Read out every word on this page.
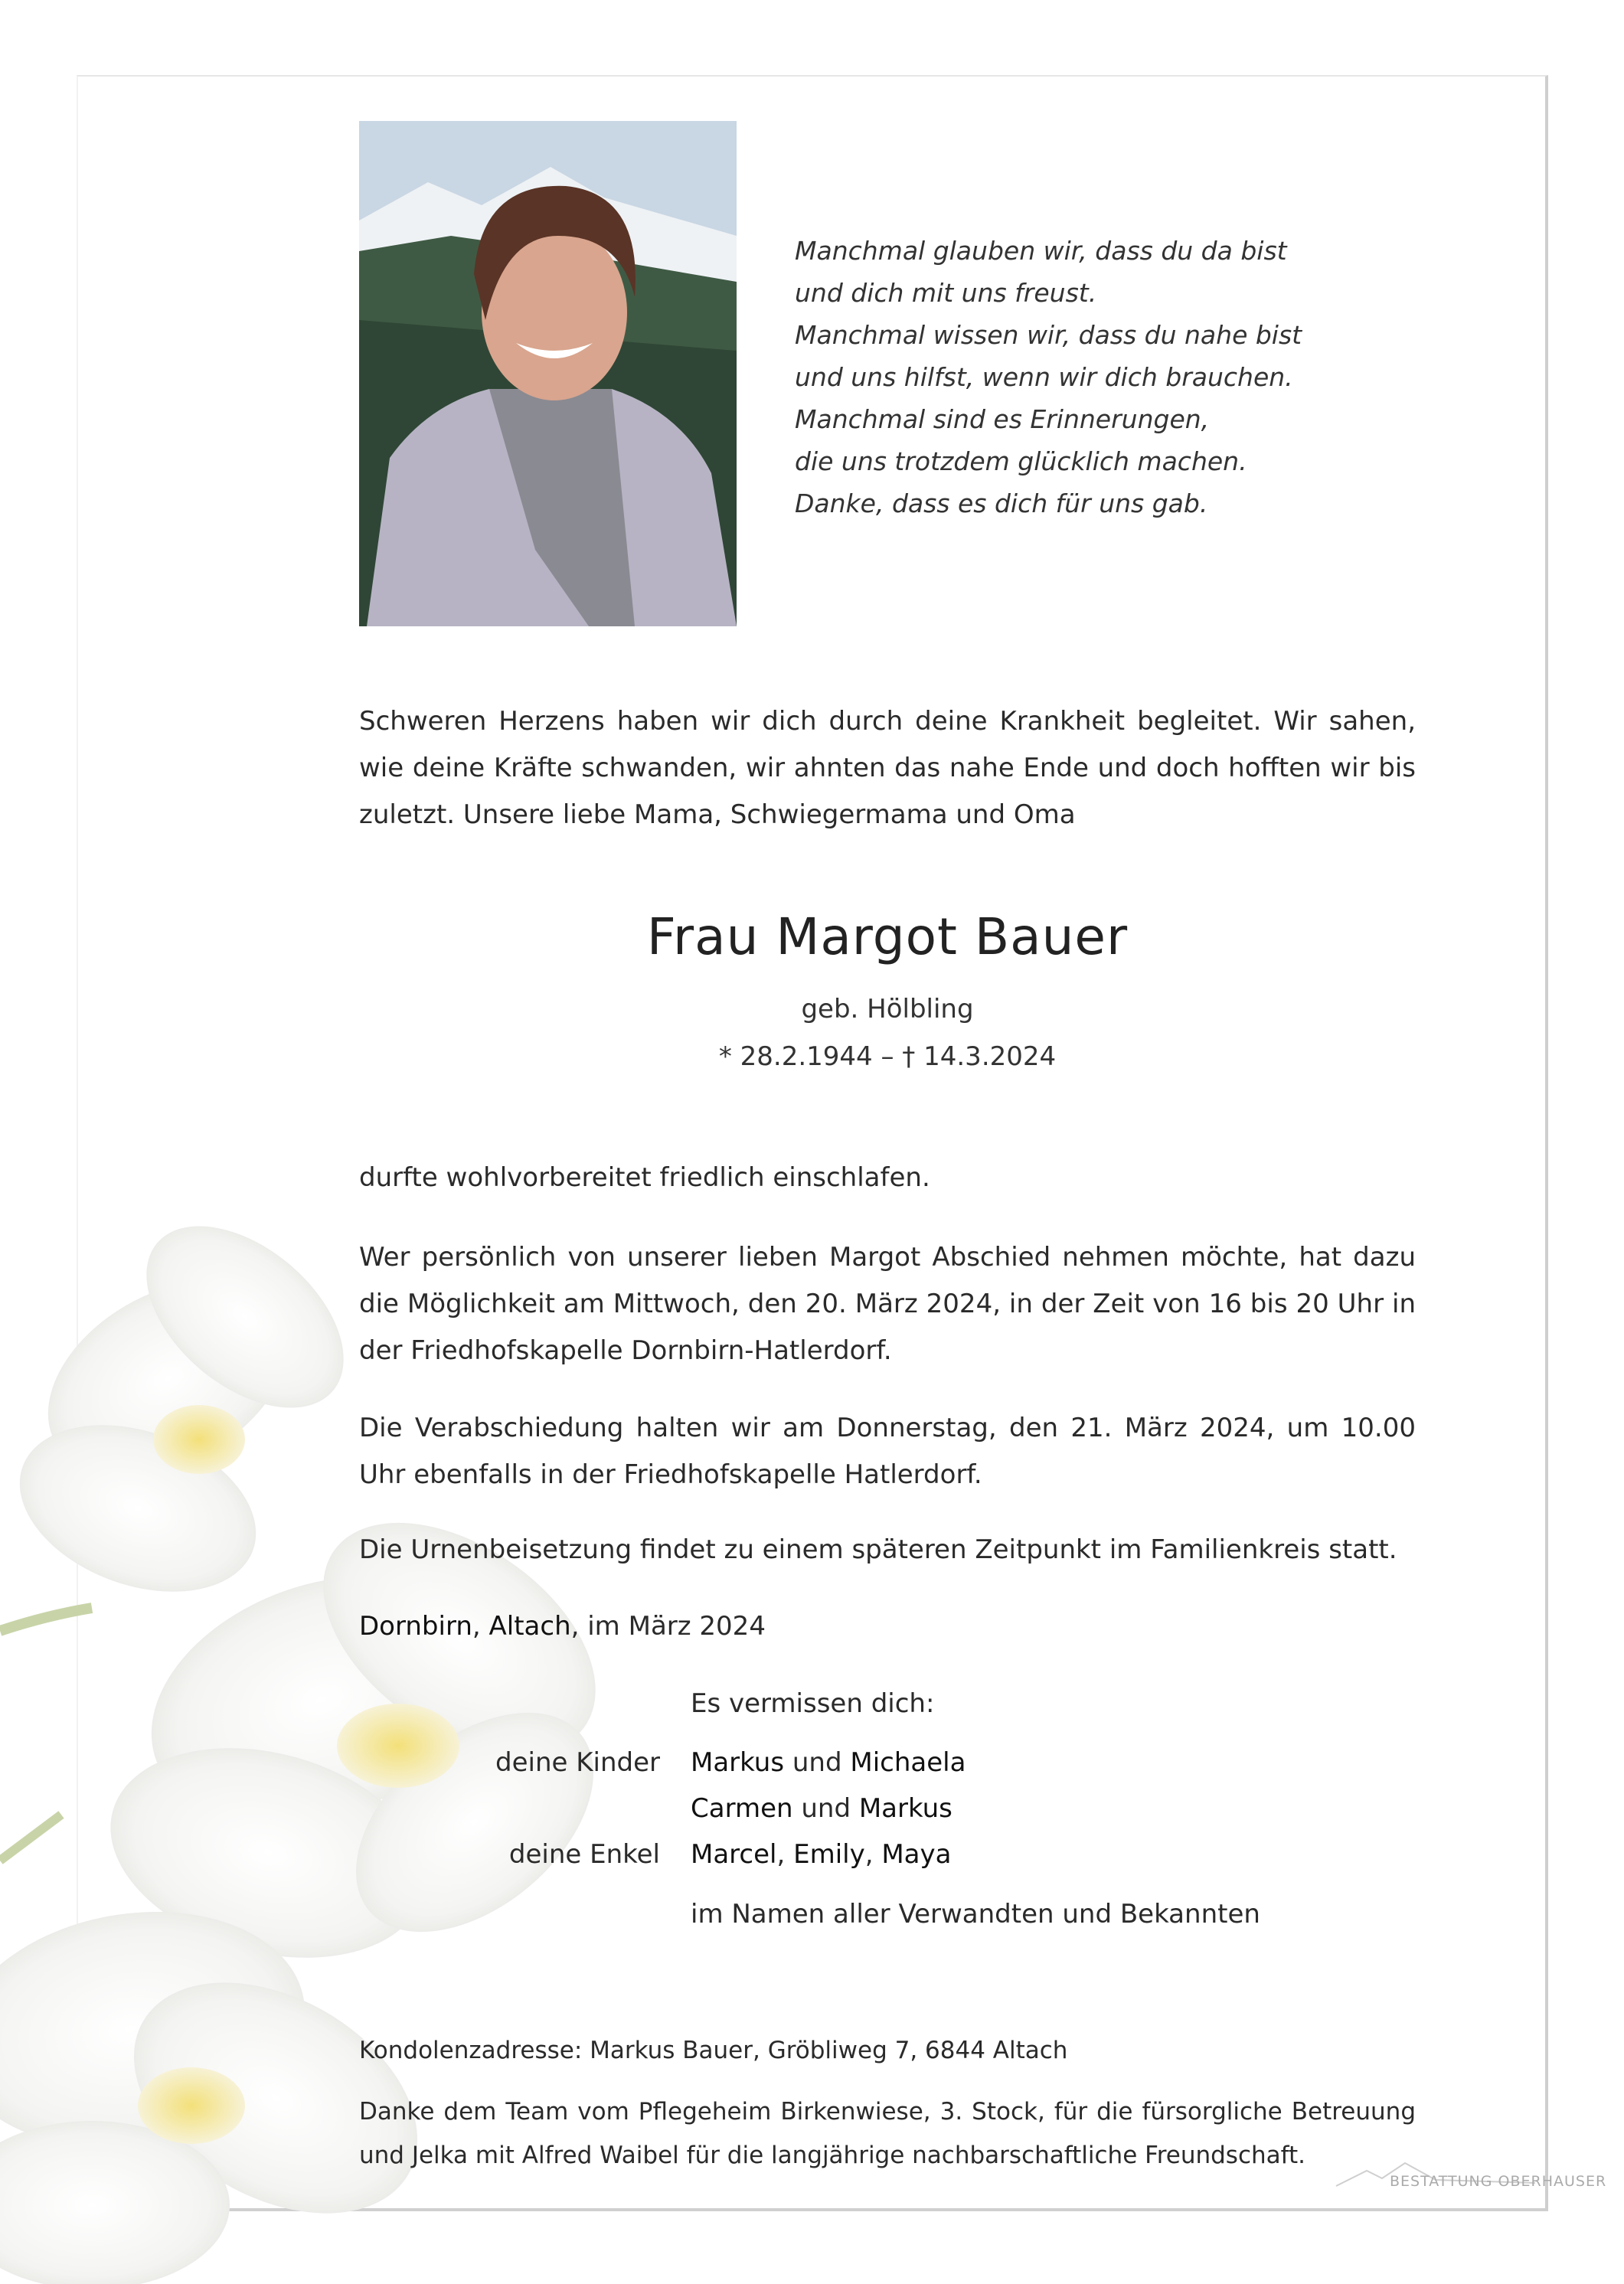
Manchmal glauben wir, dass du da bist
und dich mit uns freust.
Manchmal wissen wir, dass du nahe bist
und uns hilfst, wenn wir dich brauchen.
Manchmal sind es Erinnerungen,
die uns trotzdem glücklich machen.
Danke, dass es dich für uns gab.
Schweren Herzens haben wir dich durch deine Krankheit begleitet. Wir sahen, wie deine Kräfte schwanden, wir ahnten das nahe Ende und doch hofften wir bis zuletzt. Unsere liebe Mama, Schwiegermama und Oma
Frau Margot Bauer
geb. Hölbling
* 28.2.1944 – † 14.3.2024
durfte wohlvorbereitet friedlich einschlafen.
Wer persönlich von unserer lieben Margot Abschied nehmen möchte, hat dazu die Möglichkeit am Mittwoch, den 20. März 2024, in der Zeit von 16 bis 20 Uhr in der Friedhofskapelle Dornbirn-Hatlerdorf.
Die Verabschiedung halten wir am Donnerstag, den 21. März 2024, um 10.00 Uhr ebenfalls in der Friedhofskapelle Hatlerdorf.
Die Urnenbeisetzung findet zu einem späteren Zeitpunkt im Familienkreis statt.
Dornbirn, Altach, im März 2024
Es vermissen dich:
deine Kinder Markus und Michaela
Carmen und Markus
deine Enkel Marcel, Emily, Maya
im Namen aller Verwandten und Bekannten
Kondolenzadresse: Markus Bauer, Gröbliweg 7, 6844 Altach
Danke dem Team vom Pflegeheim Birkenwiese, 3. Stock, für die fürsorgliche Betreuung und Jelka mit Alfred Waibel für die langjährige nachbarschaftliche Freundschaft.
BESTATTUNG OBERHAUSER
